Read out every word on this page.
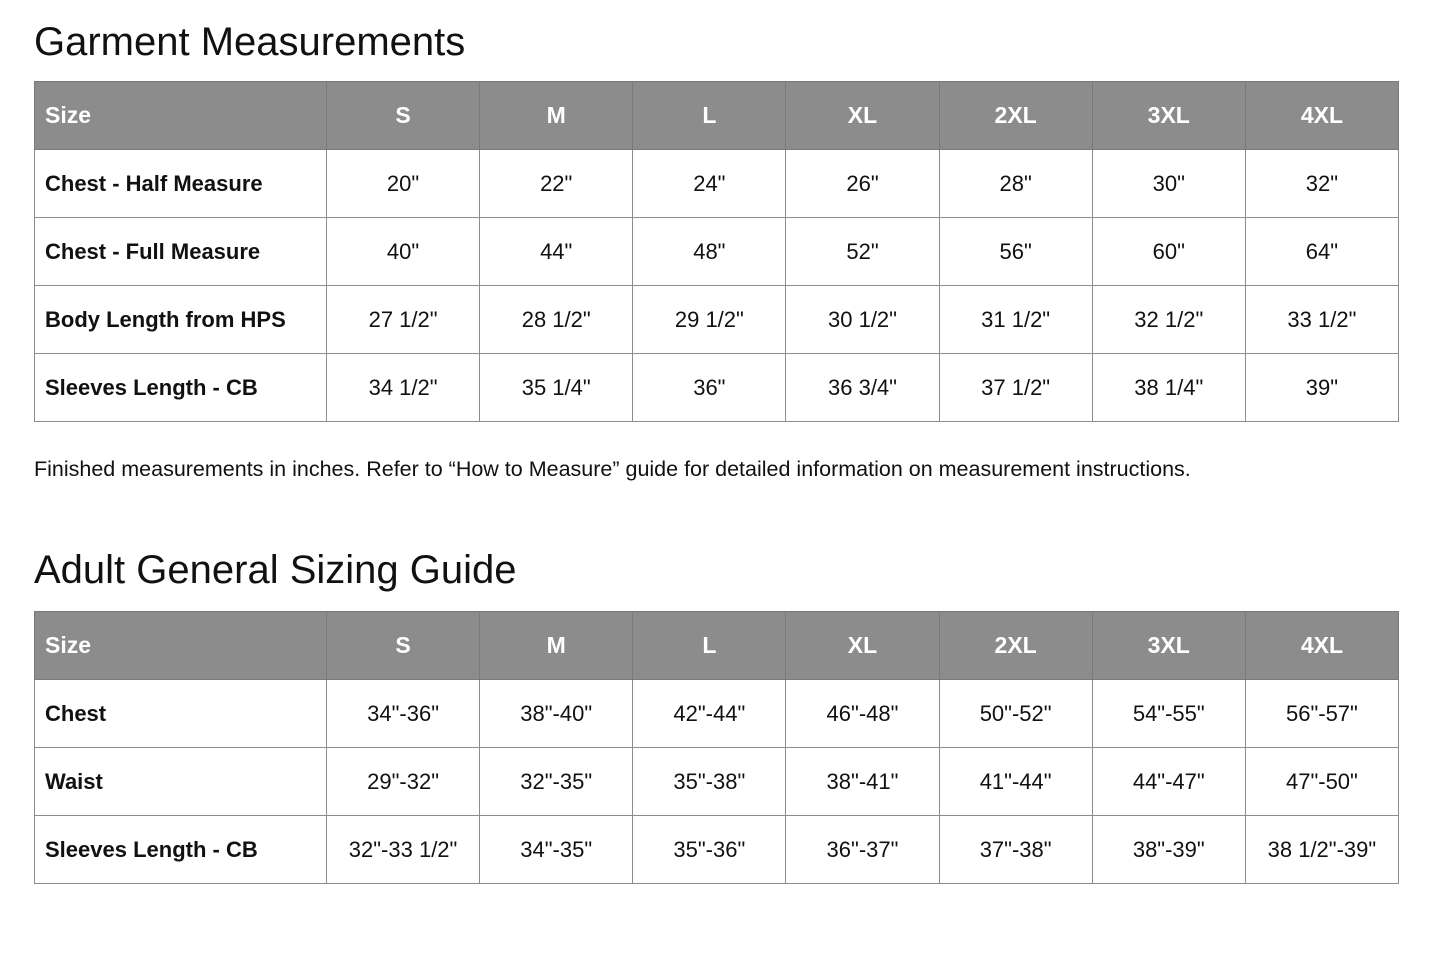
Garment Measurements
Size	S	M	L	XL	2XL	3XL	4XL
Chest - Half Measure	20"	22"	24"	26"	28"	30"	32"
Chest - Full Measure	40"	44"	48"	52"	56"	60"	64"
Body Length from HPS	27 1/2"	28 1/2"	29 1/2"	30 1/2"	31 1/2"	32 1/2"	33 1/2"
Sleeves Length - CB	34 1/2"	35 1/4"	36"	36 3/4"	37 1/2"	38 1/4"	39"

Finished measurements in inches. Refer to “How to Measure” guide for detailed information on measurement instructions.

Adult General Sizing Guide
Size	S	M	L	XL	2XL	3XL	4XL
Chest	34"-36"	38"-40"	42"-44"	46"-48"	50"-52"	54"-55"	56"-57"
Waist	29"-32"	32"-35"	35"-38"	38"-41"	41"-44"	44"-47"	47"-50"
Sleeves Length - CB	32"-33 1/2"	34"-35"	35"-36"	36"-37"	37"-38"	38"-39"	38 1/2"-39"
